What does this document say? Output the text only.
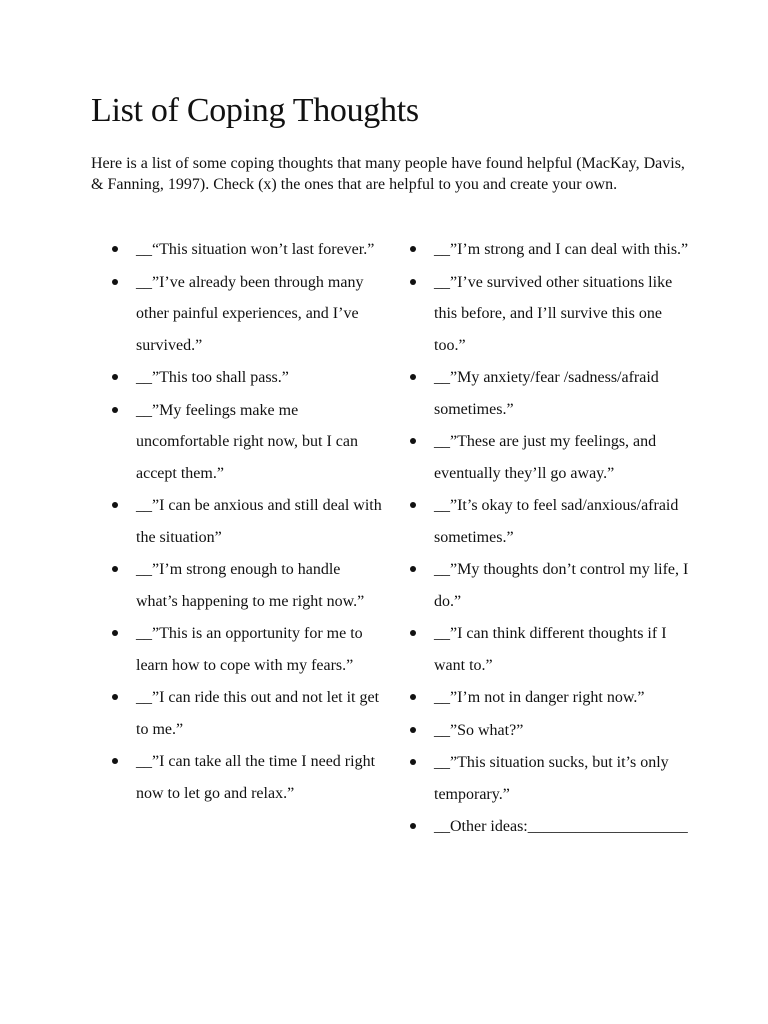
List of Coping Thoughts

Here is a list of some coping thoughts that many people have found helpful (MacKay, Davis, & Fanning, 1997). Check (x) the ones that are helpful to you and create your own.

__“This situation won’t last forever.”
__”I’ve already been through many other painful experiences, and I’ve survived.”
__”This too shall pass.”
__”My feelings make me uncomfortable right now, but I can accept them.”
__”I can be anxious and still deal with the situation”
__”I’m strong enough to handle what’s happening to me right now.”
__”This is an opportunity for me to learn how to cope with my fears.”
__”I can ride this out and not let it get to me.”
__”I can take all the time I need right now to let go and relax.”
__”I’m strong and I can deal with this.”
__”I’ve survived other situations like this before, and I’ll survive this one too.”
__”My anxiety/fear /sadness/afraid sometimes.”
__”These are just my feelings, and eventually they’ll go away.”
__”It’s okay to feel sad/anxious/afraid sometimes.”
__”My thoughts don’t control my life, I do.”
__”I can think different thoughts if I want to.”
__”I’m not in danger right now.”
__”So what?”
__”This situation sucks, but it’s only temporary.”
__Other ideas:____________________
